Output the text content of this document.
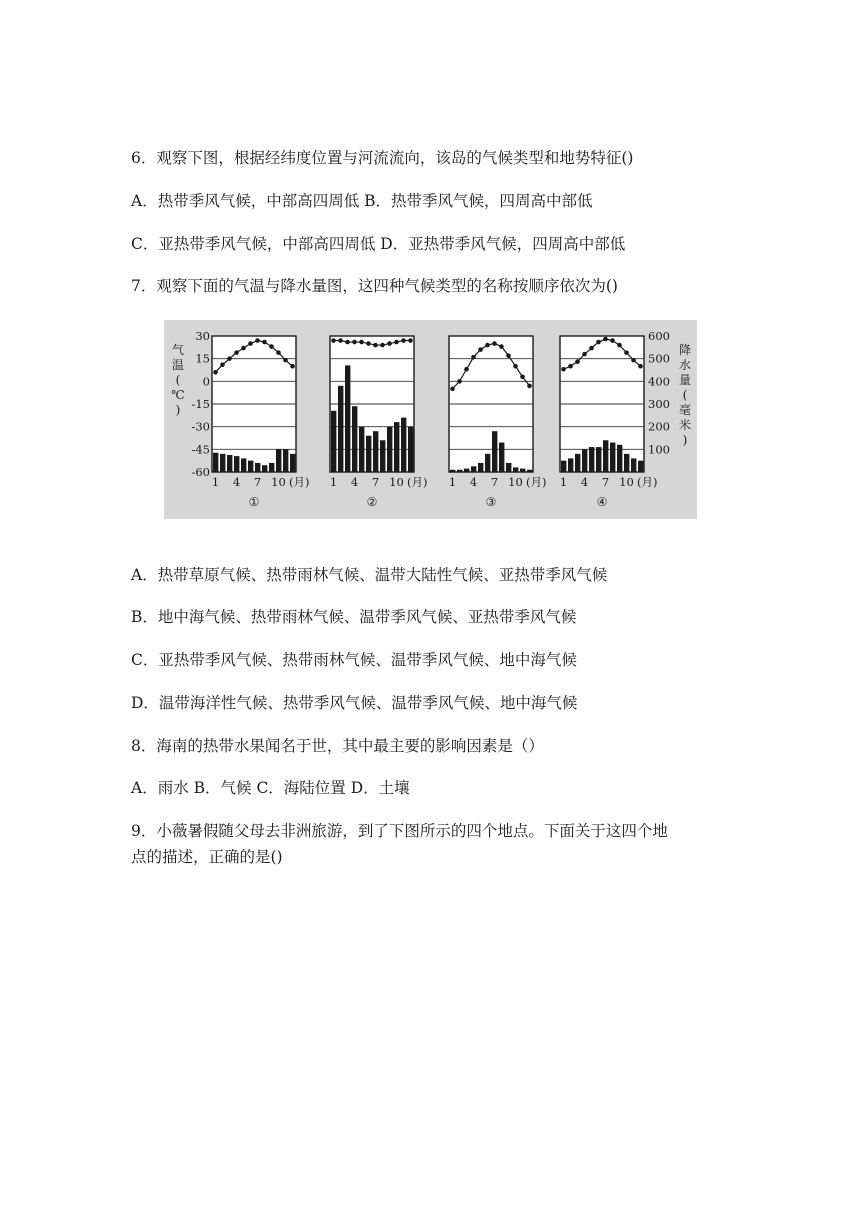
6．观察下图，根据经纬度位置与河流流向，该岛的气候类型和地势特征()
A．热带季风气候，中部高四周低 B．热带季风气候，四周高中部低
C．亚热带季风气候，中部高四周低 D．亚热带季风气候，四周高中部低
7．观察下面的气温与降水量图，这四种气候类型的名称按顺序依次为()
30
15
0
-15
-30
-45
-60
气
温
(
℃
)
600
500
400
300
200
100
降
水
量
(
毫
米
)
1 4 7 10 (月)
①
1 4 7 10 (月)
②
1 4 7 10 (月)
③
1 4 7 10 (月)
④
A．热带草原气候、热带雨林气候、温带大陆性气候、亚热带季风气候
B．地中海气候、热带雨林气候、温带季风气候、亚热带季风气候
C．亚热带季风气候、热带雨林气候、温带季风气候、地中海气候
D．温带海洋性气候、热带季风气候、温带季风气候、地中海气候
8．海南的热带水果闻名于世，其中最主要的影响因素是（）
A．雨水 B．气候 C．海陆位置 D．土壤
9．小薇暑假随父母去非洲旅游，到了下图所示的四个地点。下面关于这四个地
点的描述，正确的是()
